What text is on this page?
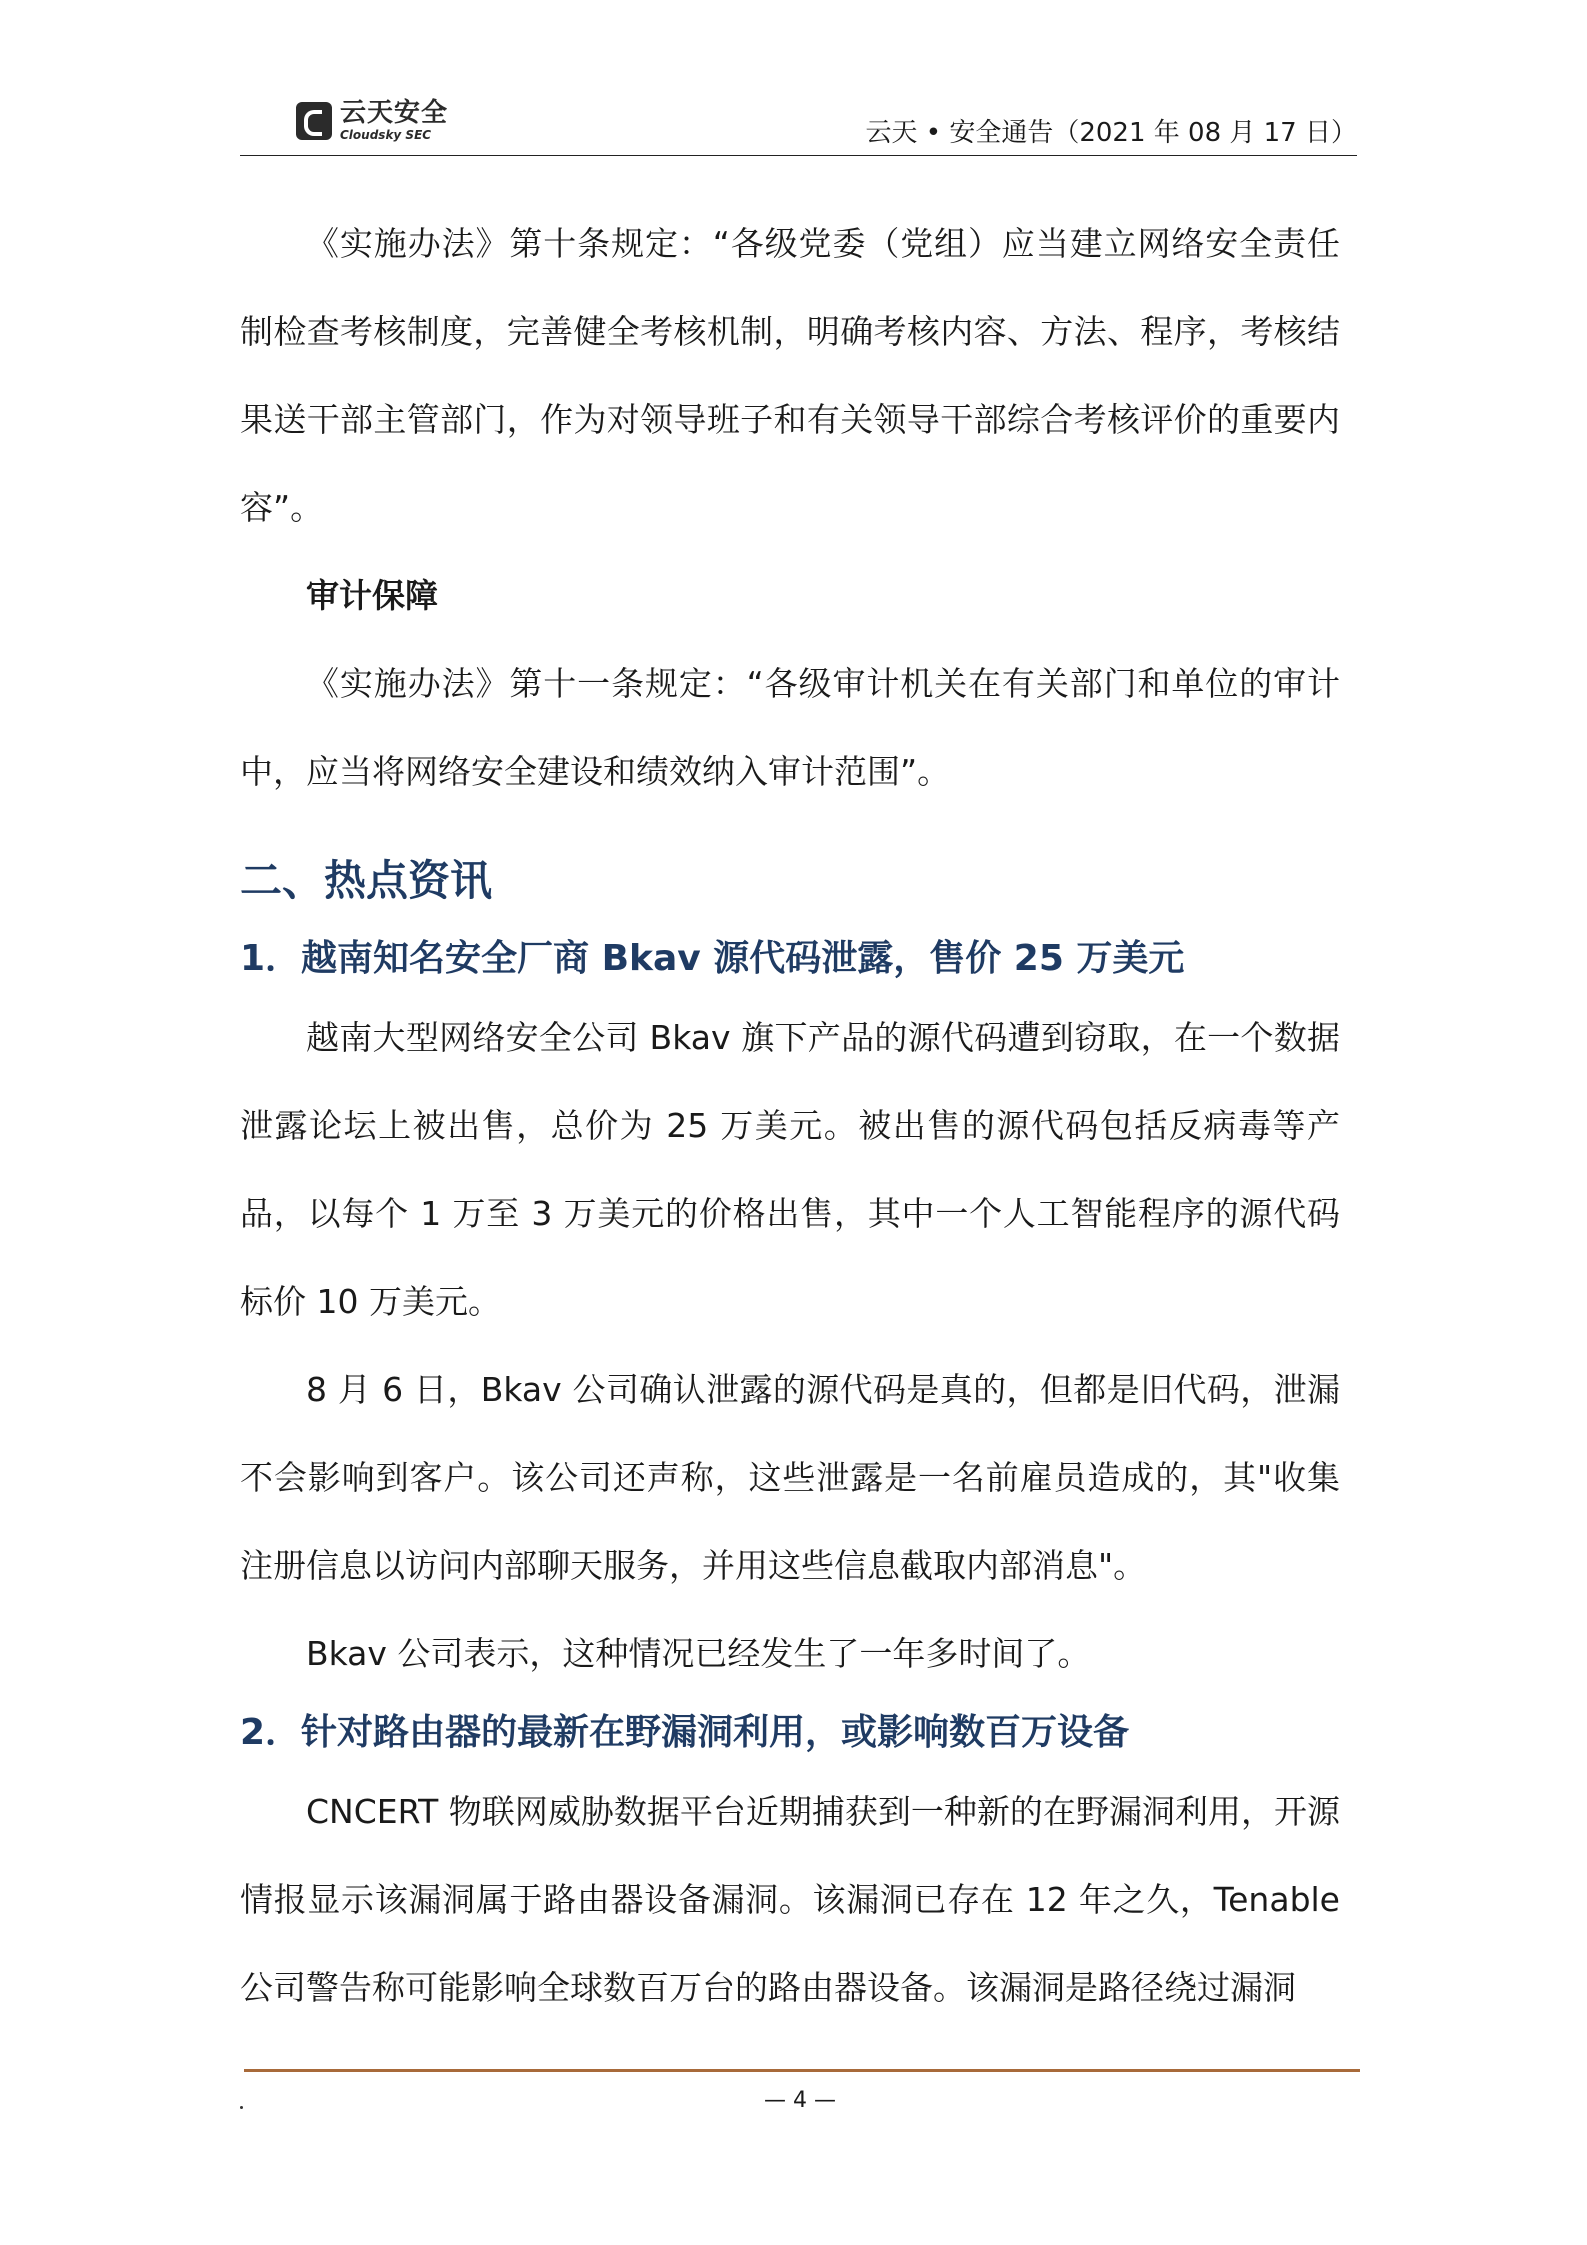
云天安全
Cloudsky SEC	云天 • 安全通告（2021 年 08 月 17 日）

《实施办法》第十条规定：“各级党委（党组）应当建立网络安全责任制检查考核制度，完善健全考核机制，明确考核内容、方法、程序，考核结果送干部主管部门，作为对领导班子和有关领导干部综合考核评价的重要内容”。

审计保障

《实施办法》第十一条规定：“各级审计机关在有关部门和单位的审计中，应当将网络安全建设和绩效纳入审计范围”。

二、热点资讯
1．越南知名安全厂商 Bkav 源代码泄露，售价 25 万美元

越南大型网络安全公司 Bkav 旗下产品的源代码遭到窃取，在一个数据泄露论坛上被出售，总价为 25 万美元。被出售的源代码包括反病毒等产品，以每个 1 万至 3 万美元的价格出售，其中一个人工智能程序的源代码标价 10 万美元。

8 月 6 日，Bkav 公司确认泄露的源代码是真的，但都是旧代码，泄漏不会影响到客户。该公司还声称，这些泄露是一名前雇员造成的，其"收集注册信息以访问内部聊天服务，并用这些信息截取内部消息"。

Bkav 公司表示，这种情况已经发生了一年多时间了。

2．针对路由器的最新在野漏洞利用，或影响数百万设备

CNCERT 物联网威胁数据平台近期捕获到一种新的在野漏洞利用，开源情报显示该漏洞属于路由器设备漏洞。该漏洞已存在 12 年之久，Tenable 公司警告称可能影响全球数百万台的路由器设备。该漏洞是路径绕过漏洞

— 4 —
